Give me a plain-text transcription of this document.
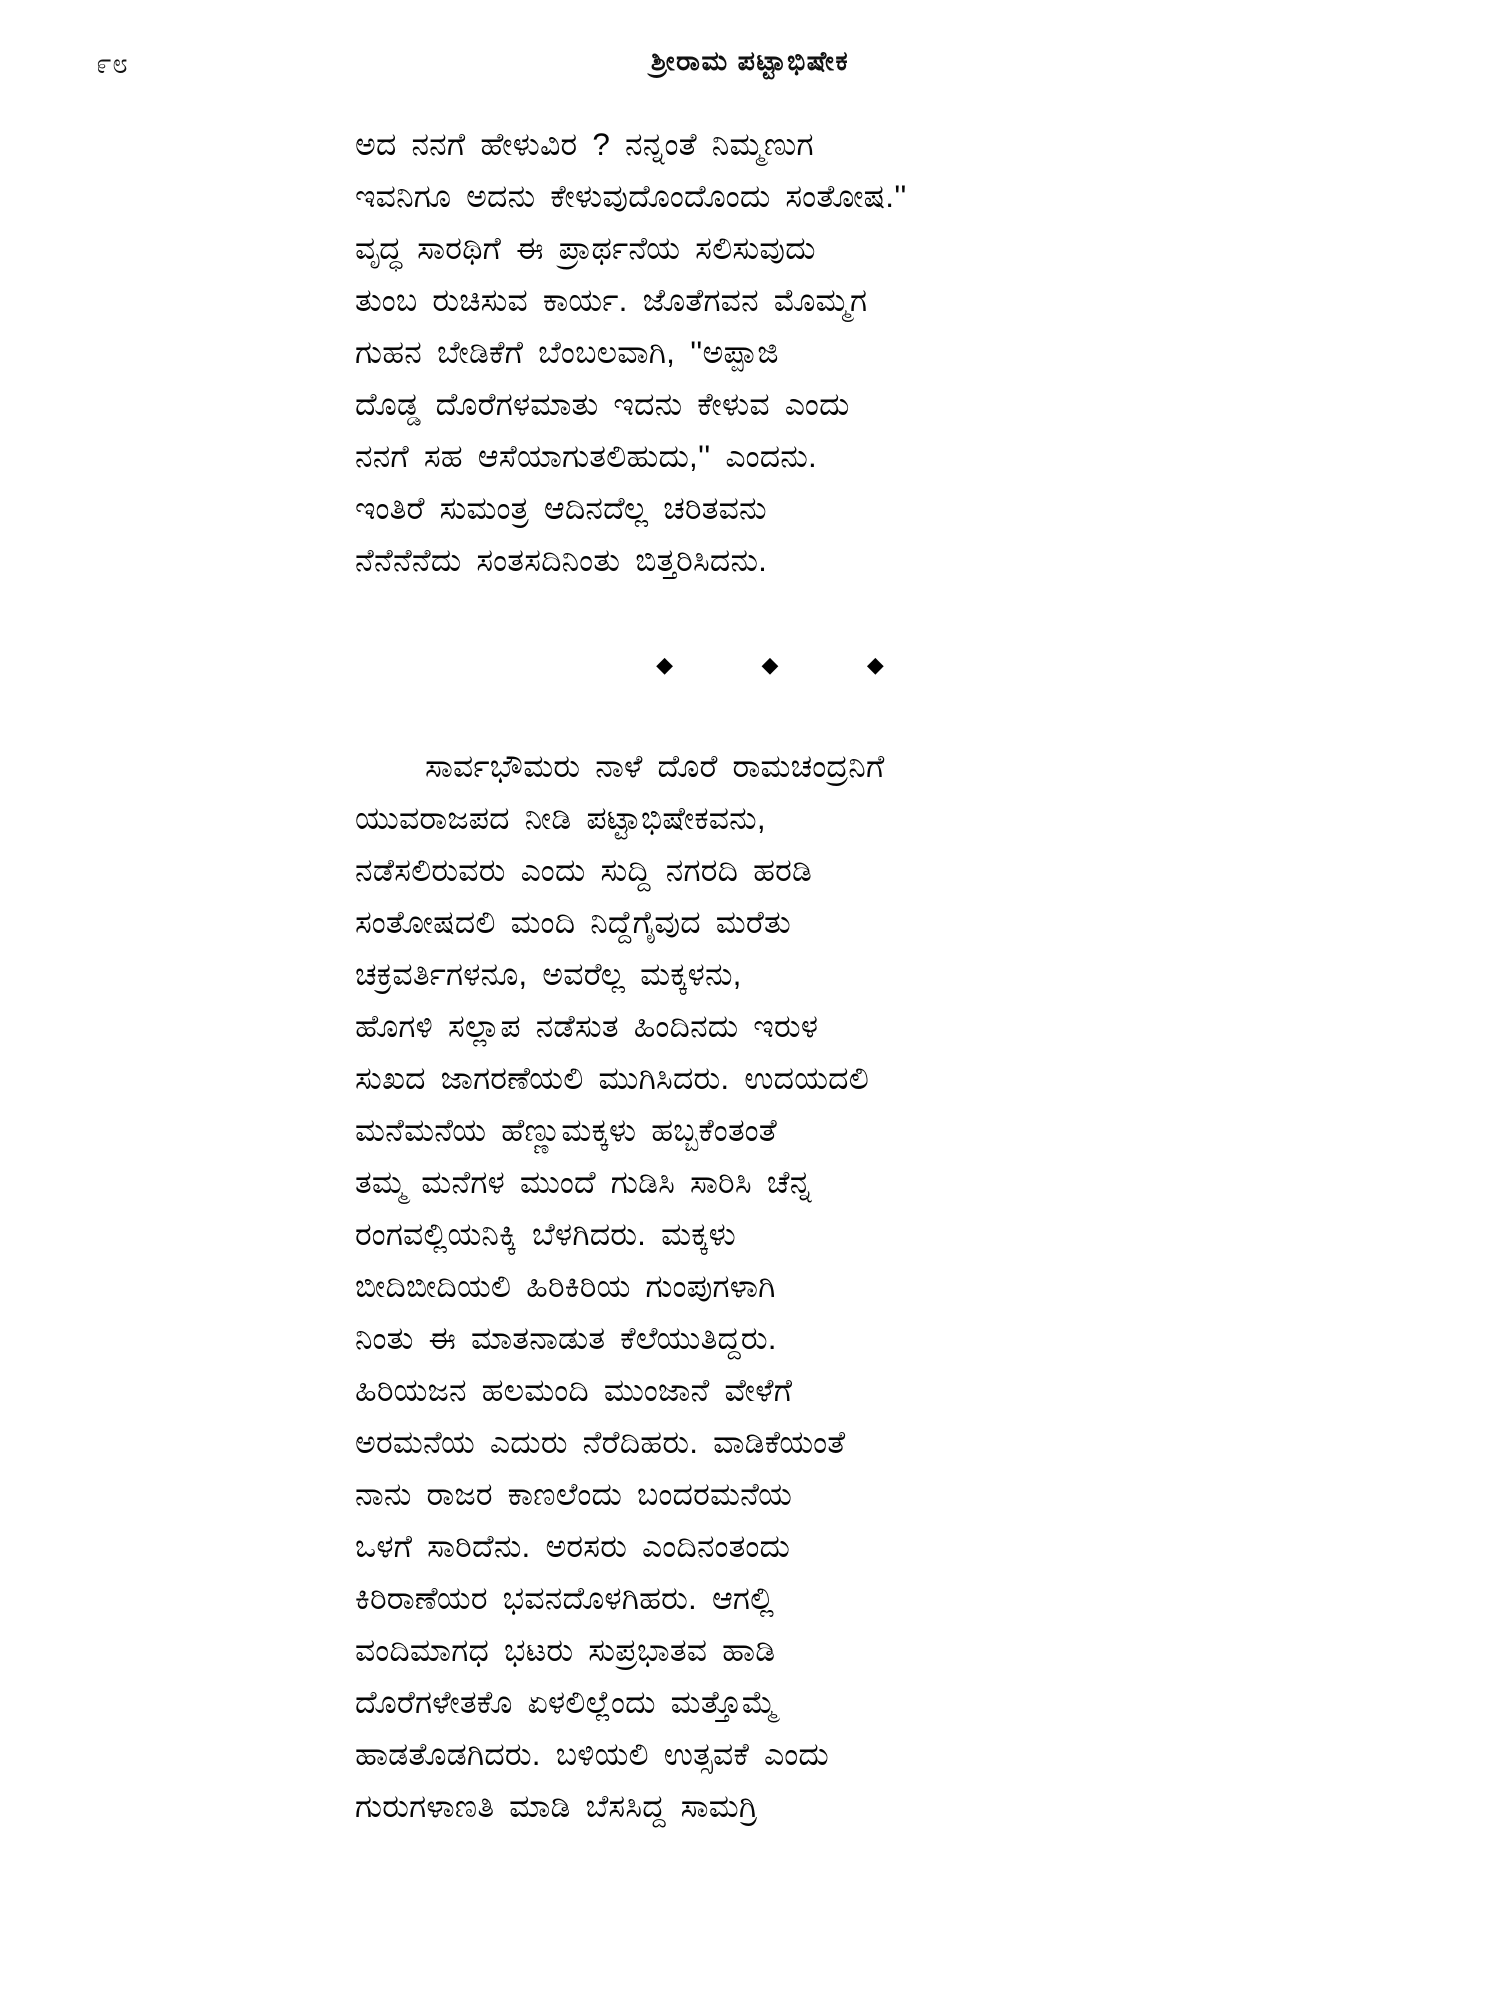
೯೮	ಶ್ರೀರಾಮ ಪಟ್ಟಾಭಿಷೇಕ

ಅದ ನನಗೆ ಹೇಳುವಿರ ? ನನ್ನಂತೆ ನಿಮ್ಮಣುಗ
ಇವನಿಗೂ ಅದನು ಕೇಳುವುದೊಂದೊಂದು ಸಂತೋಷ.''
ವೃದ್ಧ ಸಾರಥಿಗೆ ಈ ಪ್ರಾರ್ಥನೆಯ ಸಲಿಸುವುದು
ತುಂಬ ರುಚಿಸುವ ಕಾರ್ಯ. ಜೊತೆಗವನ ಮೊಮ್ಮಗ
ಗುಹನ ಬೇಡಿಕೆಗೆ ಬೆಂಬಲವಾಗಿ, ''ಅಪ್ಪಾಜಿ
ದೊಡ್ಡ ದೊರೆಗಳಮಾತು ಇದನು ಕೇಳುವ ಎಂದು
ನನಗೆ ಸಹ ಆಸೆಯಾಗುತಲಿಹುದು,'' ಎಂದನು.
ಇಂತಿರೆ ಸುಮಂತ್ರ ಆದಿನದೆಲ್ಲ ಚರಿತವನು
ನೆನೆನೆನೆದು ಸಂತಸದಿನಿಂತು ಬಿತ್ತರಿಸಿದನು.

◆	◆	◆

ಸಾರ್ವಭೌಮರು ನಾಳೆ ದೊರೆ ರಾಮಚಂದ್ರನಿಗೆ
ಯುವರಾಜಪದ ನೀಡಿ ಪಟ್ಟಾಭಿಷೇಕವನು,
ನಡೆಸಲಿರುವರು ಎಂದು ಸುದ್ದಿ ನಗರದಿ ಹರಡಿ
ಸಂತೋಷದಲಿ ಮಂದಿ ನಿದ್ದೆಗೈವುದ ಮರೆತು
ಚಕ್ರವರ್ತಿಗಳನೂ, ಅವರೆಲ್ಲ ಮಕ್ಕಳನು,
ಹೊಗಳಿ ಸಲ್ಲಾಪ ನಡೆಸುತ ಹಿಂದಿನದು ಇರುಳ
ಸುಖದ ಜಾಗರಣೆಯಲಿ ಮುಗಿಸಿದರು. ಉದಯದಲಿ
ಮನೆಮನೆಯ ಹೆಣ್ಣುಮಕ್ಕಳು ಹಬ್ಬಕೆಂತಂತೆ
ತಮ್ಮ ಮನೆಗಳ ಮುಂದೆ ಗುಡಿಸಿ ಸಾರಿಸಿ ಚೆನ್ನ
ರಂಗವಲ್ಲಿಯನಿಕ್ಕಿ ಬೆಳಗಿದರು. ಮಕ್ಕಳು
ಬೀದಿಬೀದಿಯಲಿ ಹಿರಿಕಿರಿಯ ಗುಂಪುಗಳಾಗಿ
ನಿಂತು ಈ ಮಾತನಾಡುತ ಕೆಲೆಯುತಿದ್ದರು.
ಹಿರಿಯಜನ ಹಲಮಂದಿ ಮುಂಜಾನೆ ವೇಳೆಗೆ
ಅರಮನೆಯ ಎದುರು ನೆರೆದಿಹರು. ವಾಡಿಕೆಯಂತೆ
ನಾನು ರಾಜರ ಕಾಣಲೆಂದು ಬಂದರಮನೆಯ
ಒಳಗೆ ಸಾರಿದೆನು. ಅರಸರು ಎಂದಿನಂತಂದು
ಕಿರಿರಾಣೆಯರ ಭವನದೊಳಗಿಹರು. ಆಗಲ್ಲಿ
ವಂದಿಮಾಗಧ ಭಟರು ಸುಪ್ರಭಾತವ ಹಾಡಿ
ದೊರೆಗಳೇತಕೊ ಏಳಲಿಲ್ಲೆಂದು ಮತ್ತೊಮ್ಮೆ
ಹಾಡತೊಡಗಿದರು. ಬಳಿಯಲಿ ಉತ್ಸವಕೆ ಎಂದು
ಗುರುಗಳಾಣತಿ ಮಾಡಿ ಬೆಸಸಿದ್ದ ಸಾಮಗ್ರಿ
